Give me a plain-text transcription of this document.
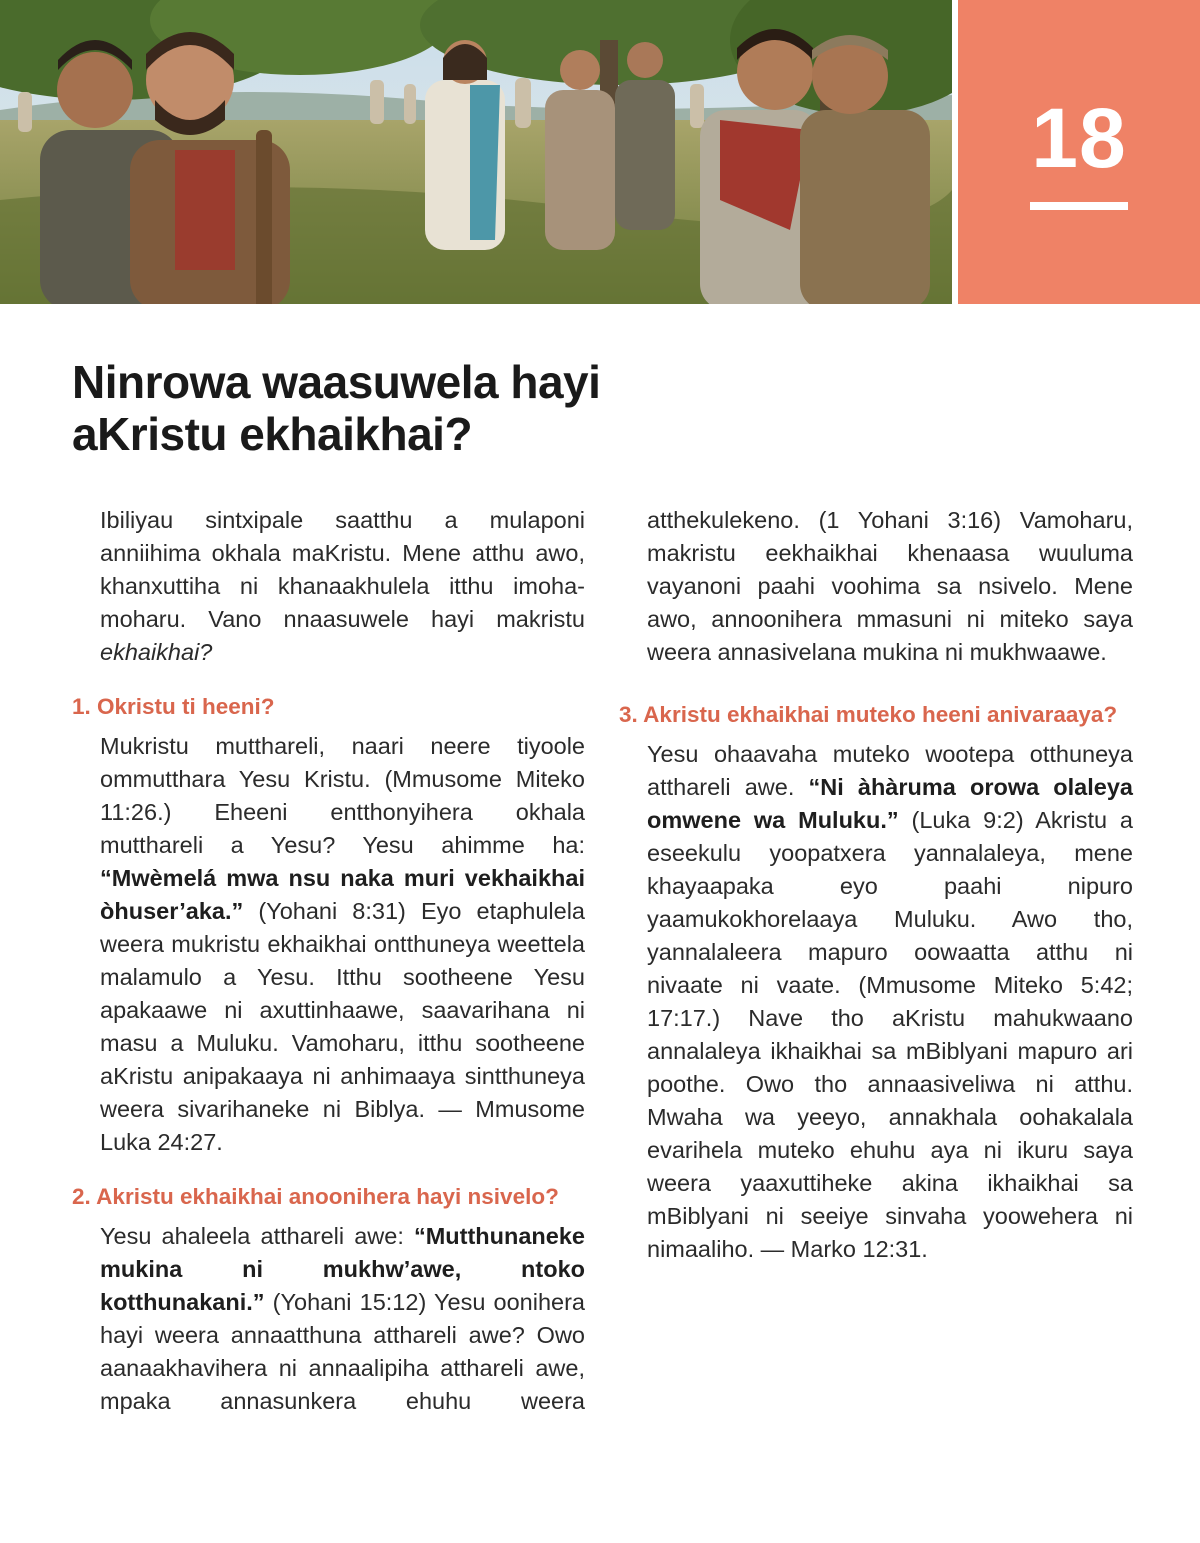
18
Ninrowa waasuwela hayi
aKristu ekhaikhai?

Ibiliyau sintxipale saatthu a mulaponi anniihima okhala maKristu. Mene atthu awo, khanxuttiha ni khanaakhulela itthu imoha-moharu. Vano nnaasuwele hayi makristu ekhaikhai?

1. Okristu ti heeni?

Mukristu mutthareli, naari neere tiyoole ommutthara Yesu Kristu. (Mmusome Miteko 11:26.) Eheeni entthonyihera okhala mutthareli a Yesu? Yesu ahimme ha: “Mwèmelá mwa nsu naka muri vekhaikhai òhuser’aka.” (Yohani 8:31) Eyo etaphulela weera mukristu ekhaikhai ontthuneya weettela malamulo a Yesu. Itthu sootheene Yesu apakaawe ni axuttinhaawe, saavarihana ni masu a Muluku. Vamoharu, itthu sootheene aKristu anipakaaya ni anhimaaya sintthuneya weera sivarihaneke ni Biblya. — Mmusome Luka 24:27.

2. Akristu ekhaikhai anoonihera hayi nsivelo?

Yesu ahaleela atthareli awe: “Mutthunaneke mukina ni mukhw’awe, ntoko kotthunakani.” (Yohani 15:12) Yesu oonihera hayi weera annaatthuna atthareli awe? Owo aanaakhavihera ni annaalipiha atthareli awe, mpaka annasunkera ehuhu weera

atthekulekeno. (1 Yohani 3:16) Vamoharu, makristu eekhaikhai khenaasa wuuluma vayanoni paahi voohima sa nsivelo. Mene awo, annoonihera mmasuni ni miteko saya weera annasivelana mukina ni mukhwaawe.

3. Akristu ekhaikhai muteko heeni anivaraaya?

Yesu ohaavaha muteko wootepa otthuneya atthareli awe. “Ni àhàruma orowa olaleya omwene wa Muluku.” (Luka 9:2) Akristu a eseekulu yoopatxera yannalaleya, mene khayaapaka eyo paahi nipuro yaamukokhorelaaya Muluku. Awo tho, yannalaleera mapuro oowaatta atthu ni nivaate ni vaate. (Mmusome Miteko 5:42; 17:17.) Nave tho aKristu mahukwaano annalaleya ikhaikhai sa mBiblyani mapuro ari poothe. Owo tho annaasiveliwa ni atthu. Mwaha wa yeeyo, annakhala oohakalala evarihela muteko ehuhu aya ni ikuru saya weera yaaxuttiheke akina ikhaikhai sa mBiblyani ni seeiye sinvaha yoowehera ni nimaaliho. — Marko 12:31.
